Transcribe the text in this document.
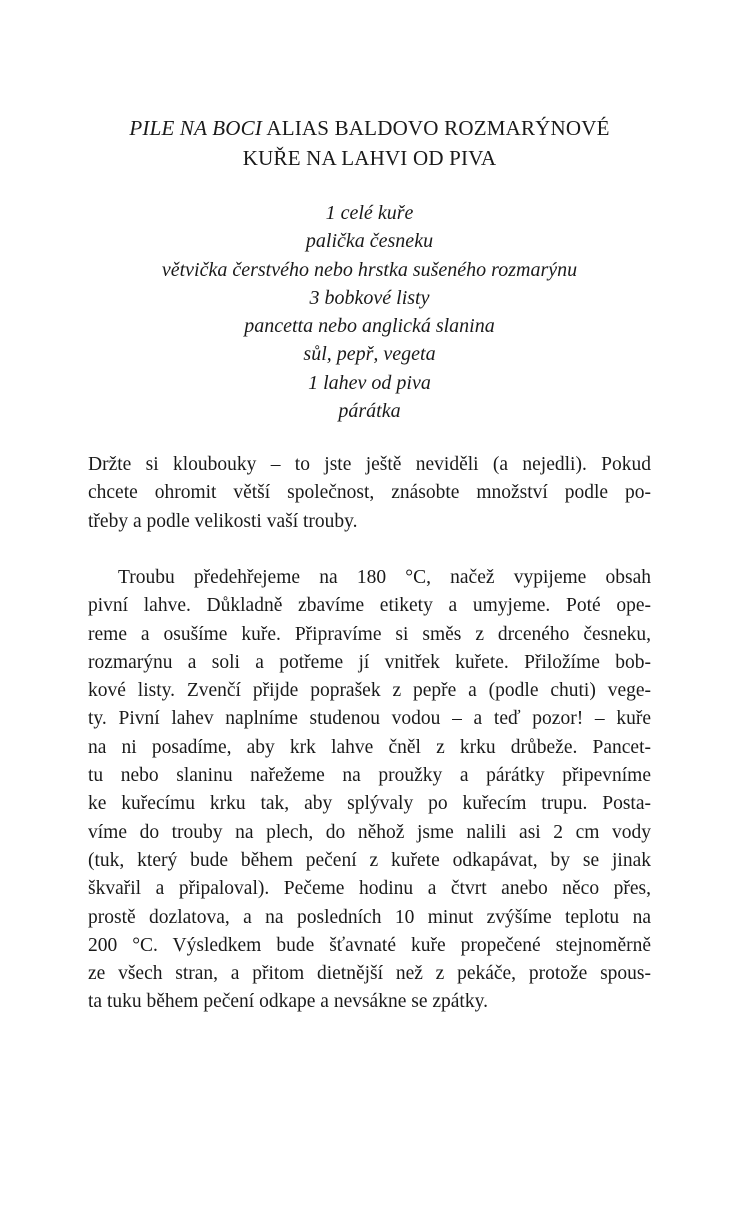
PILE NA BOCI ALIAS BALDOVO ROZMARÝNOVÉ
KUŘE NA LAHVI OD PIVA
1 celé kuře
palička česneku
větvička čerstvého nebo hrstka sušeného rozmarýnu
3 bobkové listy
pancetta nebo anglická slanina
sůl, pepř, vegeta
1 lahev od piva
párátka
Držte si kloubouky – to jste ještě neviděli (a nejedli). Pokud
chcete ohromit větší společnost, znásobte množství podle po-
třeby a podle velikosti vaší trouby.
Troubu předehřejeme na 180 °C, načež vypijeme obsah
pivní lahve. Důkladně zbavíme etikety a umyjeme. Poté ope-
reme a osušíme kuře. Připravíme si směs z drceného česneku,
rozmarýnu a soli a potřeme jí vnitřek kuřete. Přiložíme bob-
kové listy. Zvenčí přijde poprašek z pepře a (podle chuti) vege-
ty. Pivní lahev naplníme studenou vodou – a teď pozor! – kuře
na ni posadíme, aby krk lahve čněl z krku drůbeže. Pancet-
tu nebo slaninu nařežeme na proužky a párátky připevníme
ke kuřecímu krku tak, aby splývaly po kuřecím trupu. Posta-
víme do trouby na plech, do něhož jsme nalili asi 2 cm vody
(tuk, který bude během pečení z kuřete odkapávat, by se jinak
škvařil a připaloval). Pečeme hodinu a čtvrt anebo něco přes,
prostě dozlatova, a na posledních 10 minut zvýšíme teplotu na
200 °C. Výsledkem bude šťavnaté kuře propečené stejnoměrně
ze všech stran, a přitom dietnější než z pekáče, protože spous-
ta tuku během pečení odkape a nevsákne se zpátky.
